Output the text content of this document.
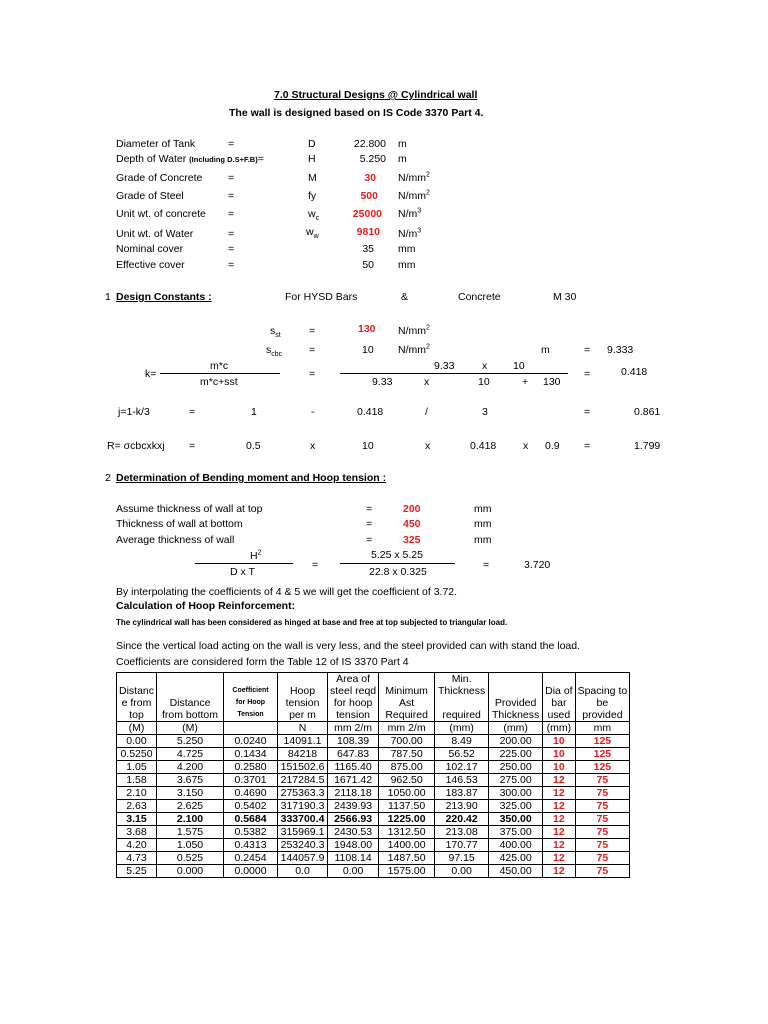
7.0 Structural Designs @ Cylindrical wall
The wall is designed based on IS Code 3370 Part 4.
Diameter of Tank	=	D	22.800 m
Depth of Water (Including D.S+F.B)=	H	5.250 m
Grade of Concrete =	M	30 $N/mm^2$
Grade of Steel	=	fy	500 $N/mm^2$
Unit wt. of concrete =	$w_c$	25000 $N/m^3$
Unit wt. of Water	=	$w_w$	9810 $N/m^3$
Nominal cover	=	35 mm
Effective cover	=	50 mm
1 Design Constants :	For HYSD Bars	&	Concrete	M 30
$s_{st}$	=	130 $N/mm^2$
$s_{cbc}$	=	10 $N/mm^2$	m	= 9.333
m*c
k=
m*c+sst
=
9.33	x 10
9.33	x	10	+ 130
=	0.418
j=1-k/3	=	1	-	0.418	/	3	=	0.861
R= σcbcxkxj =	0.5	x	10	x	0.418	x 0.9 =	1.799
2 Determination of Bending moment and Hoop tension :
Assume thickness of wall at top	=	200	mm
Thickness of wall at bottom	=	450	mm
Average thickness of wall	=	325	mm
$H^2$
D x T
=
5.25 x 5.25
22.8 x 0.325
=	3.720
By interpolating the coefficients of 4 & 5 we will get the coefficient of 3.72.
Calculation of Hoop Reinforcement:
The cylindrical wall has been considered as hinged at base and free at top subjected to triangular load.
Since the vertical load acting on the wall is very less, and the steel provided can with stand the load.
Coefficients are considered form the Table 12 of IS 3370 Part 4
				Area of		Min.			
Distanc		Coefficient	Hoop	steel reqd	Minimum	Thickness		Dia of	Spacing to
e from	Distance	for Hoop	tension	for hoop	Ast		Provided	bar	be
top	from bottom	Tension	per m	tension	Required	required	Thickness	used	provided
(M)	(M)		N	mm 2/m	mm 2/m	(mm)	(mm)	(mm)	mm
0.00	5.250	0.0240	14091.1	108.39	700.00	8.49	200.00	10	125
0.5250	4.725	0.1434	84218	647.83	787.50	56.52	225.00	10	125
1.05	4.200	0.2580	151502.6	1165.40	875.00	102.17	250.00	10	125
1.58	3.675	0.3701	217284.5	1671.42	962.50	146.53	275.00	12	75
2.10	3.150	0.4690	275363.3	2118.18	1050.00	183.87	300.00	12	75
2.63	2.625	0.5402	317190.3	2439.93	1137.50	213.90	325.00	12	75
3.15	2.100	0.5684	333700.4	2566.93	1225.00	220.42	350.00	12	75
3.68	1.575	0.5382	315969.1	2430.53	1312.50	213.08	375.00	12	75
4.20	1.050	0.4313	253240.3	1948.00	1400.00	170.77	400.00	12	75
4.73	0.525	0.2454	144057.9	1108.14	1487.50	97.15	425.00	12	75
5.25	0.000	0.0000	0.0	0.00	1575.00	0.00	450.00	12	75
